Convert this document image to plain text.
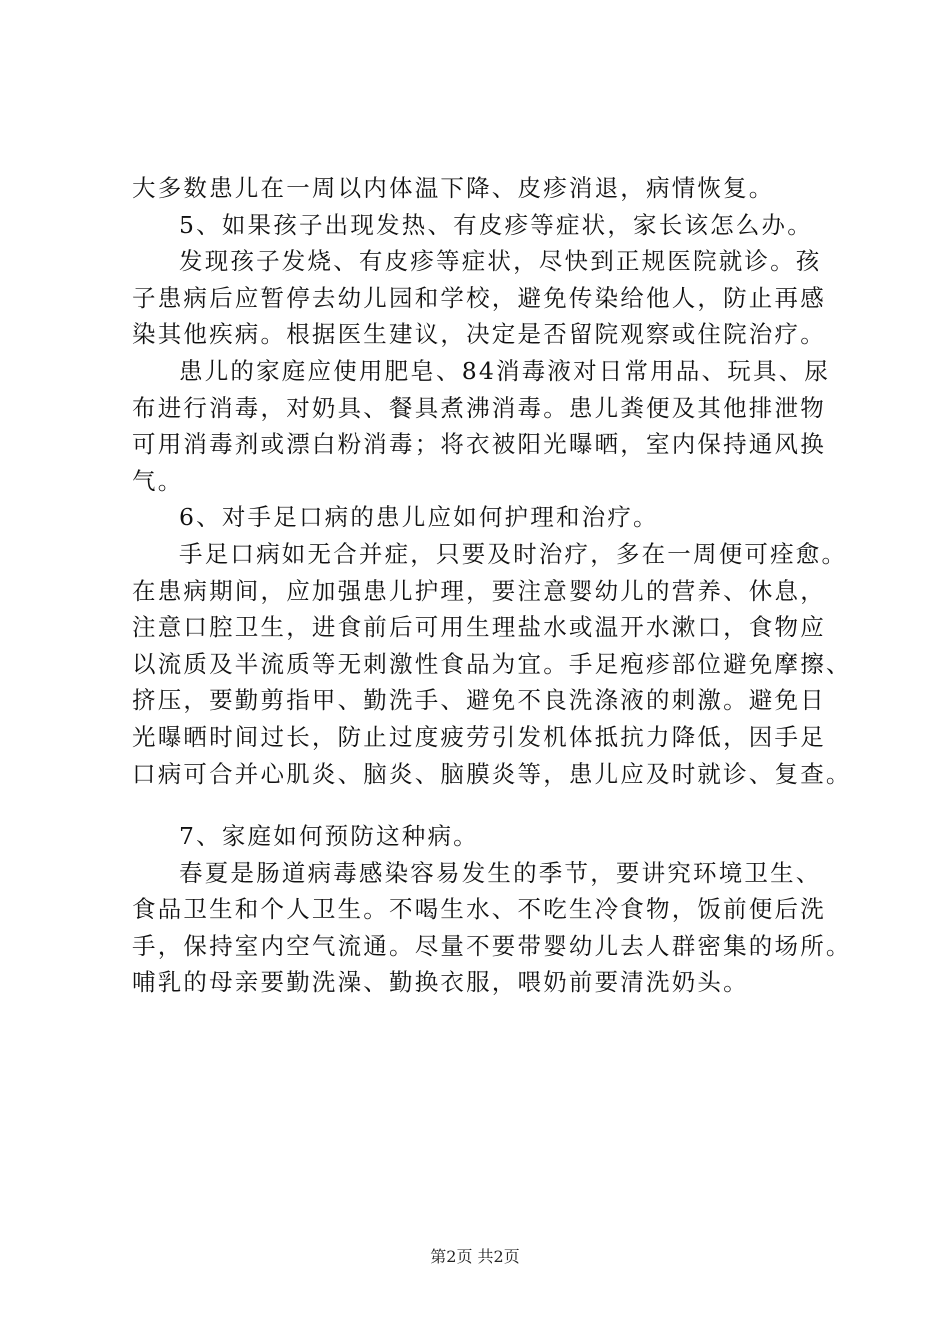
大多数患儿在一周以内体温下降、皮疹消退，病情恢复。
5、如果孩子出现发热、有皮疹等症状，家长该怎么办。
发现孩子发烧、有皮疹等症状，尽快到正规医院就诊。孩
子患病后应暂停去幼儿园和学校，避免传染给他人，防止再感
染其他疾病。根据医生建议，决定是否留院观察或住院治疗。
患儿的家庭应使用肥皂、84消毒液对日常用品、玩具、尿
布进行消毒，对奶具、餐具煮沸消毒。患儿粪便及其他排泄物
可用消毒剂或漂白粉消毒；将衣被阳光曝晒，室内保持通风换
气。
6、对手足口病的患儿应如何护理和治疗。
手足口病如无合并症，只要及时治疗，多在一周便可痊愈。
在患病期间，应加强患儿护理，要注意婴幼儿的营养、休息，
注意口腔卫生，进食前后可用生理盐水或温开水漱口，食物应
以流质及半流质等无刺激性食品为宜。手足疱疹部位避免摩擦、
挤压，要勤剪指甲、勤洗手、避免不良洗涤液的刺激。避免日
光曝晒时间过长，防止过度疲劳引发机体抵抗力降低，因手足
口病可合并心肌炎、脑炎、脑膜炎等，患儿应及时就诊、复查。
7、家庭如何预防这种病。
春夏是肠道病毒感染容易发生的季节，要讲究环境卫生、
食品卫生和个人卫生。不喝生水、不吃生冷食物，饭前便后洗
手，保持室内空气流通。尽量不要带婴幼儿去人群密集的场所。
哺乳的母亲要勤洗澡、勤换衣服，喂奶前要清洗奶头。
第2页 共2页
